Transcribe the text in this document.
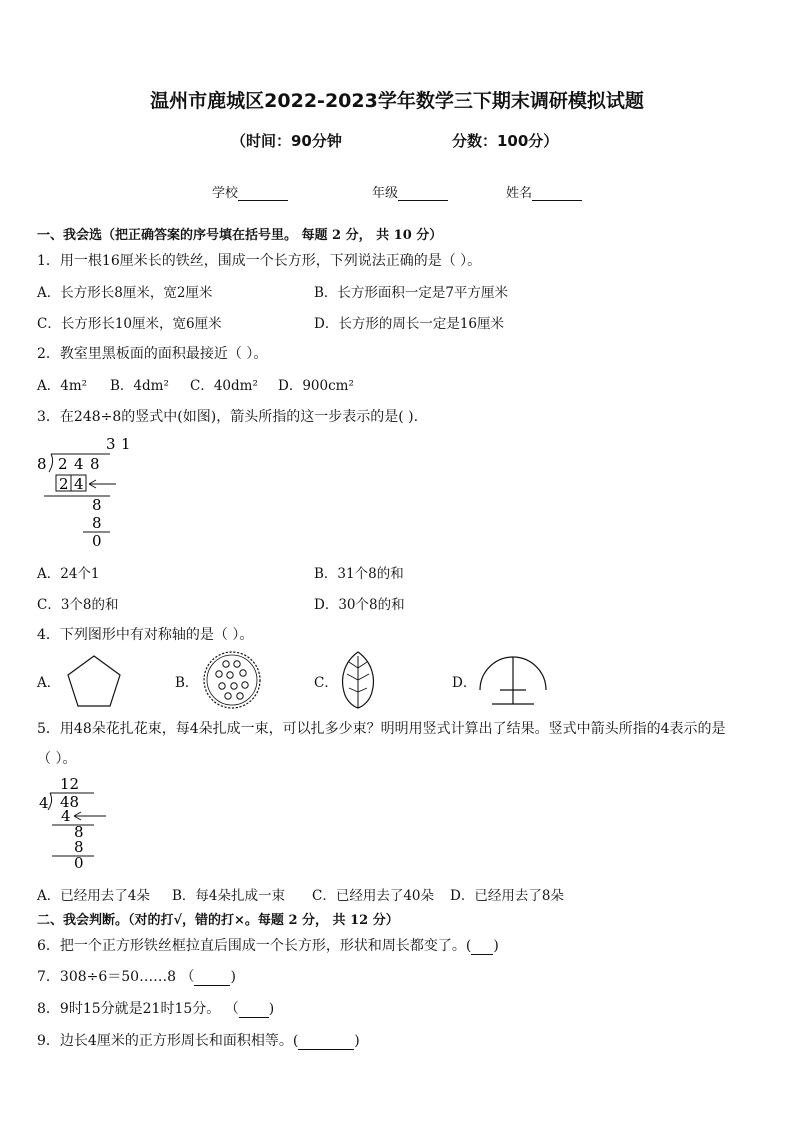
温州市鹿城区2022-2023学年数学三下期末调研模拟试题
（时间：90分钟	分数：100分）
学校	年级	姓名
一、我会选（把正确答案的序号填在括号里。 每题 2 分， 共 10 分）
1．用一根16厘米长的铁丝，围成一个长方形，下列说法正确的是（ ）。
A．长方形长8厘米，宽2厘米	B．长方形面积一定是7平方厘米
C．长方形长10厘米，宽6厘米	D．长方形的周长一定是16厘米
2．教室里黑板面的面积最接近（ ）。
A．4m² B．4dm² C．40dm² D．900cm²
3．在248÷8的竖式中(如图)，箭头所指的这一步表示的是( ).
3 1
8 2 4 8
2 4
8
8
0
A．24个1	B．31个8的和
C．3个8的和	D．30个8的和
4．下列图形中有对称轴的是（ ）。
A．	B．	C．	D．
5．用48朵花扎花束，每4朵扎成一束，可以扎多少束？明明用竖式计算出了结果。竖式中箭头所指的4表示的是
（ ）。
12
4 48
4
8
8
0
A．已经用去了4朵 B．每4朵扎成一束 C．已经用去了40朵 D．已经用去了8朵
二、我会判断。（对的打√，错的打×。每题 2 分， 共 12 分）
6．把一个正方形铁丝框拉直后围成一个长方形，形状和周长都变了。( )
7．308÷6＝50……8 （	)
8．9时15分就是21时15分。 （ )
9．边长4厘米的正方形周长和面积相等。(	)
